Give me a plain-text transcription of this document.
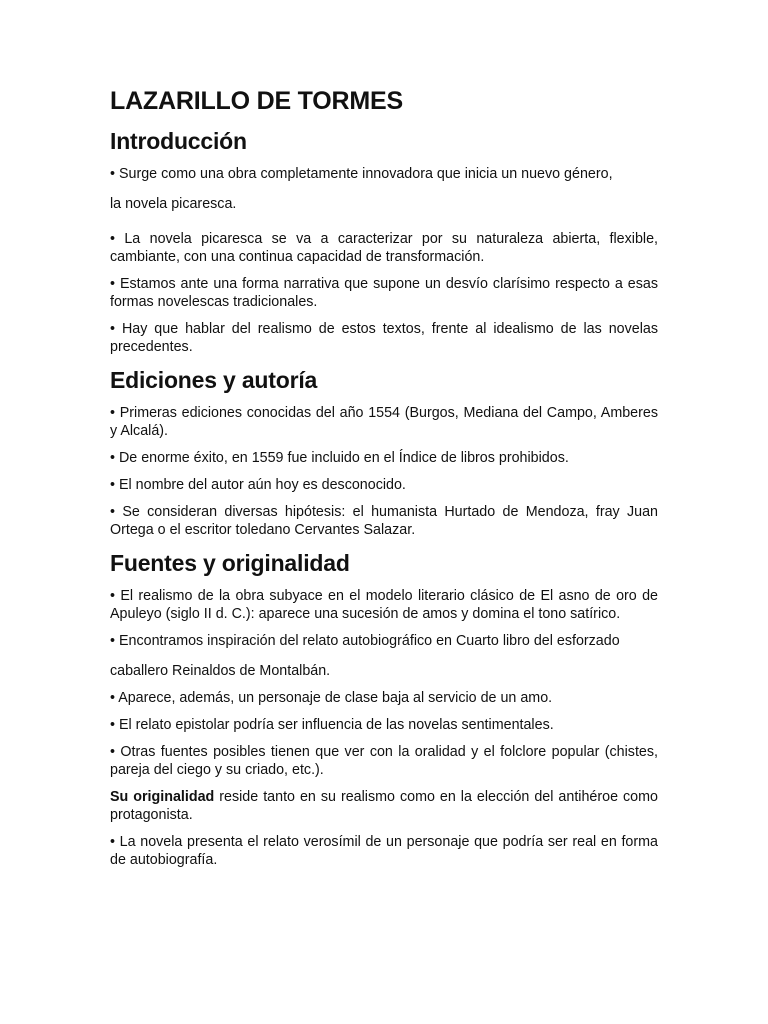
LAZARILLO DE TORMES
Introducción
• Surge como una obra completamente innovadora que inicia un nuevo género,
la novela picaresca.
• La novela picaresca se va a caracterizar por su naturaleza abierta, flexible, cambiante, con una continua capacidad de transformación.
• Estamos ante una forma narrativa que supone un desvío clarísimo respecto a esas formas novelescas tradicionales.
• Hay que hablar del realismo de estos textos, frente al idealismo de las novelas precedentes.
Ediciones y autoría
• Primeras ediciones conocidas del año 1554 (Burgos, Mediana del Campo, Amberes y Alcalá).
• De enorme éxito, en 1559 fue incluido en el Índice de libros prohibidos.
• El nombre del autor aún hoy es desconocido.
• Se consideran diversas hipótesis: el humanista Hurtado de Mendoza, fray Juan Ortega o el escritor toledano Cervantes Salazar.
Fuentes y originalidad
• El realismo de la obra subyace en el modelo literario clásico de El asno de oro de Apuleyo (siglo II d. C.): aparece una sucesión de amos y domina el tono satírico.
• Encontramos inspiración del relato autobiográfico en Cuarto libro del esforzado
caballero Reinaldos de Montalbán.
• Aparece, además, un personaje de clase baja al servicio de un amo.
• El relato epistolar podría ser influencia de las novelas sentimentales.
• Otras fuentes posibles tienen que ver con la oralidad y el folclore popular (chistes, pareja del ciego y su criado, etc.).
Su originalidad reside tanto en su realismo como en la elección del antihéroe como protagonista.
• La novela presenta el relato verosímil de un personaje que podría ser real en forma de autobiografía.
